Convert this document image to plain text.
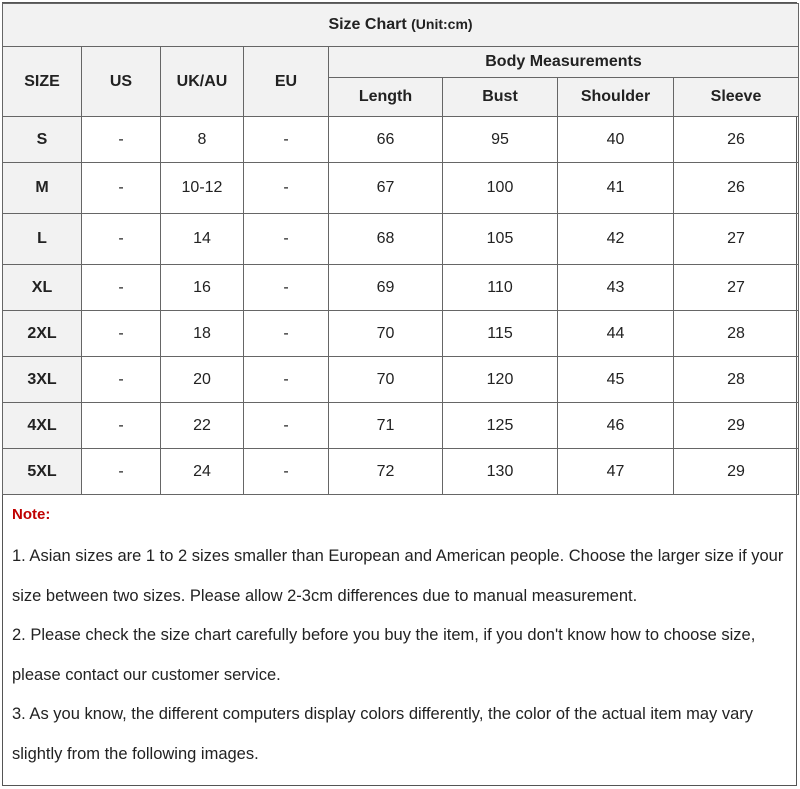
Size Chart (Unit:cm)							
SIZE	US	UK/AU	EU	Body Measurements			
				Length	Bust	Shoulder	Sleeve
S	-	8	-	66	95	40	26
M	-	10-12	-	67	100	41	26
L	-	14	-	68	105	42	27
XL	-	16	-	69	110	43	27
2XL	-	18	-	70	115	44	28
3XL	-	20	-	70	120	45	28
4XL	-	22	-	71	125	46	29
5XL	-	24	-	72	130	47	29
Note:

1. Asian sizes are 1 to 2 sizes smaller than European and American people. Choose the larger size if your size between two sizes. Please allow 2-3cm differences due to manual measurement.

2. Please check the size chart carefully before you buy the item, if you don't know how to choose size, please contact our customer service.

3. As you know, the different computers display colors differently, the color of the actual item may vary slightly from the following images.
